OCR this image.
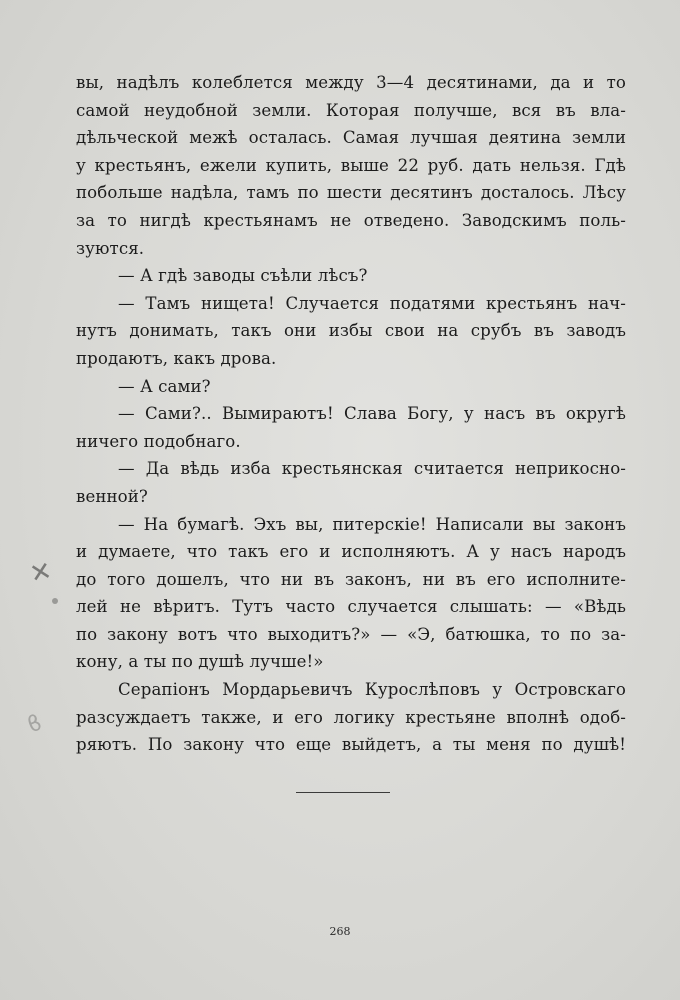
вы, надѣлъ колеблется между 3—4 десятинами, да и то
самой неудобной земли. Которая получше, вся въ вла-
дѣльческой межѣ осталась. Самая лучшая деятина земли
у крестьянъ, ежели купить, выше 22 руб. дать нельзя. Гдѣ
побольше надѣла, тамъ по шести десятинъ досталось. Лѣсу
за то нигдѣ крестьянамъ не отведено. Заводскимъ поль-
зуются.
— А гдѣ заводы съѣли лѣсъ?
— Тамъ нищета! Случается податями крестьянъ нач-
нутъ донимать, такъ они избы свои на срубъ въ заводъ
продаютъ, какъ дрова.
— А сами?
— Сами?.. Вымираютъ! Слава Богу, у насъ въ округѣ
ничего подобнаго.
— Да вѣдь изба крестьянская считается неприкосно-
венной?
— На бумагѣ. Эхъ вы, питерскіе! Написали вы законъ
и думаете, что такъ его и исполняютъ. А у насъ народъ
до того дошелъ, что ни въ законъ, ни въ его исполните-
лей не вѣритъ. Тутъ часто случается слышать: — «Вѣдь
по закону вотъ что выходитъ?» — «Э, батюшка, то по за-
кону, а ты по душѣ лучше!»
Серапіонъ Мордарьевичъ Курослѣповъ у Островскаго
разсуждаетъ также, и его логику крестьяне вполнѣ одоб-
ряютъ. По закону что еще выйдетъ, а ты меня по душѣ!
268
✕
ϐ
